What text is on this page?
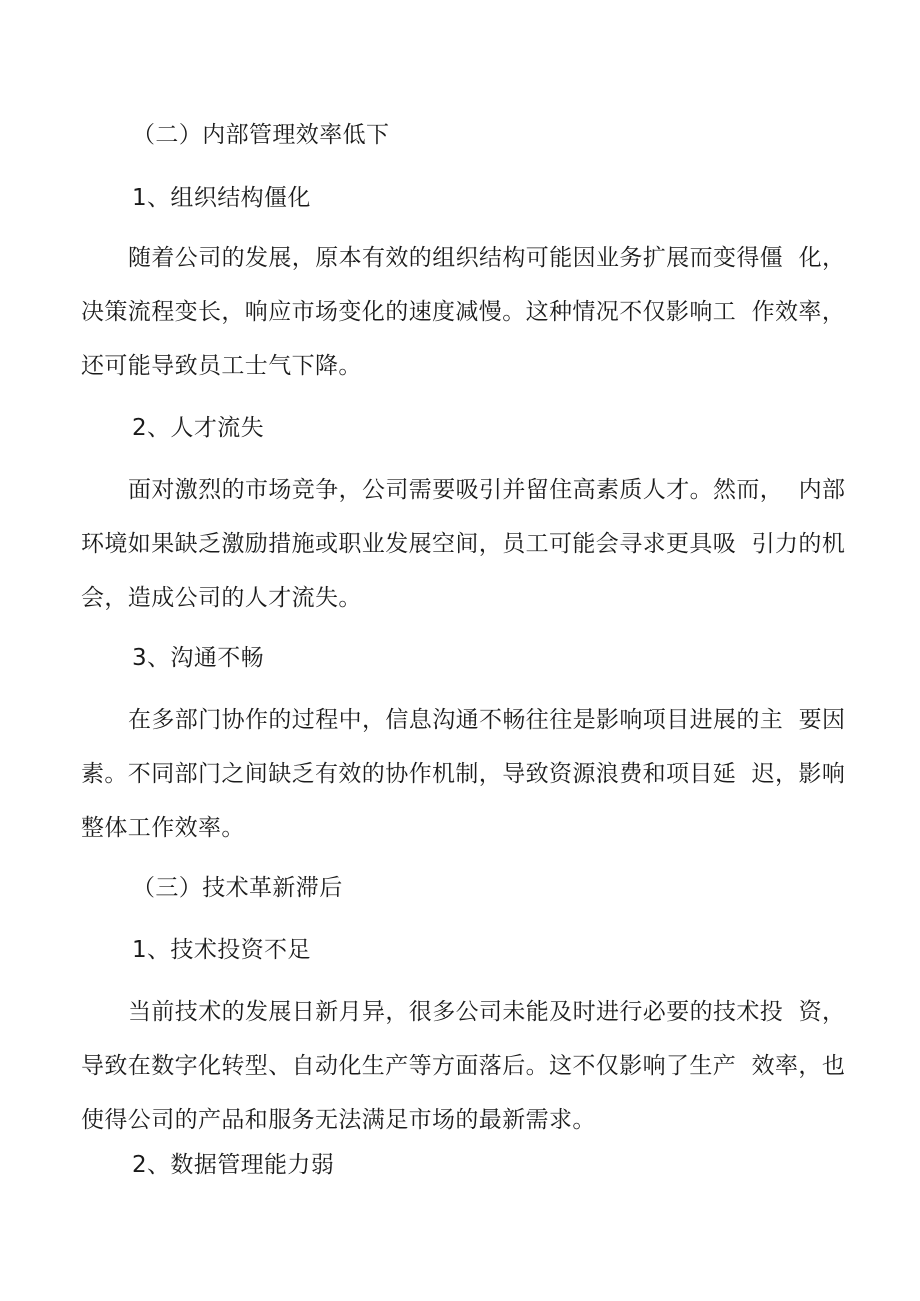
（二）内部管理效率低下
1、组织结构僵化
随着公司的发展，原本有效的组织结构可能因业务扩展而变得僵  化，
决策流程变长，响应市场变化的速度减慢。这种情况不仅影响工  作效率，
还可能导致员工士气下降。
2、人才流失
面对激烈的市场竞争，公司需要吸引并留住高素质人才。然而，  内部
环境如果缺乏激励措施或职业发展空间，员工可能会寻求更具吸  引力的机
会，造成公司的人才流失。
3、沟通不畅
在多部门协作的过程中，信息沟通不畅往往是影响项目进展的主  要因
素。不同部门之间缺乏有效的协作机制，导致资源浪费和项目延  迟，影响
整体工作效率。
（三）技术革新滞后
1、技术投资不足
当前技术的发展日新月异，很多公司未能及时进行必要的技术投  资，
导致在数字化转型、自动化生产等方面落后。这不仅影响了生产  效率，也
使得公司的产品和服务无法满足市场的最新需求。
2、数据管理能力弱
